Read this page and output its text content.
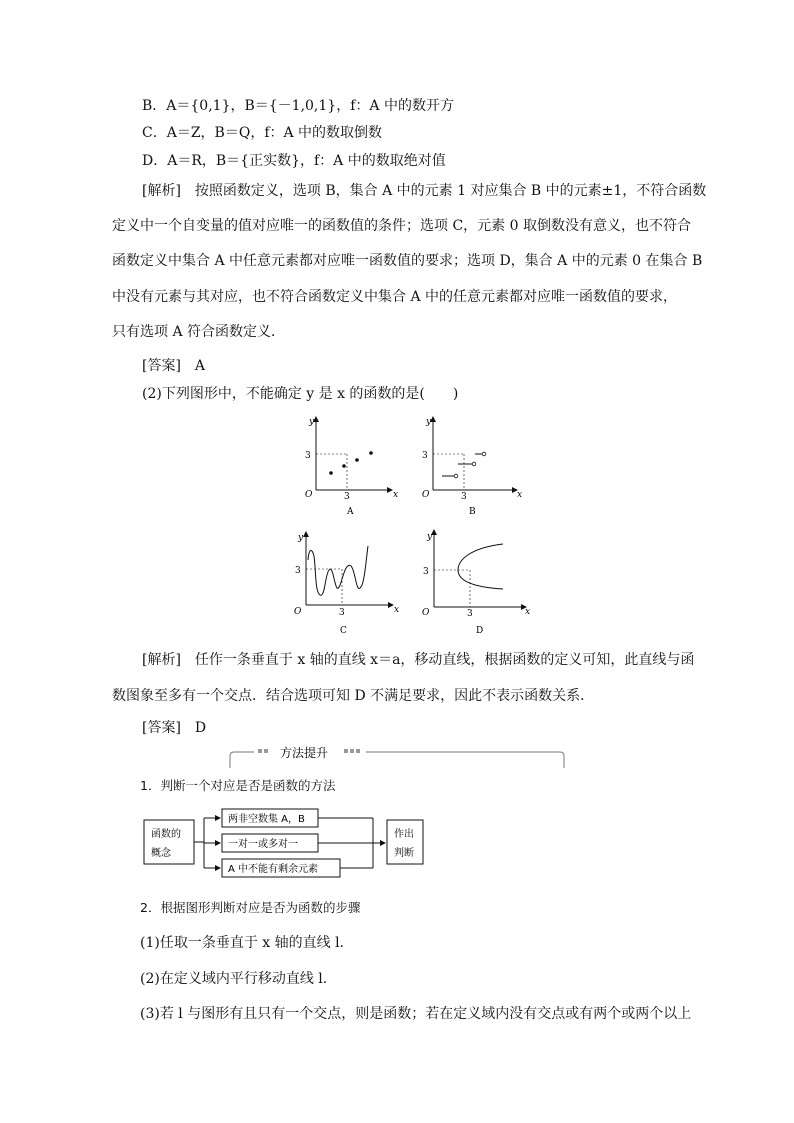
B．A＝{0,1}，B＝{－1,0,1}，f：A 中的数开方
C．A＝Z，B＝Q，f：A 中的数取倒数
D．A＝R，B＝{正实数}，f：A 中的数取绝对值
[解析]　按照函数定义，选项 B，集合 A 中的元素 1 对应集合 B 中的元素±1，不符合函数
定义中一个自变量的值对应唯一的函数值的条件；选项 C，元素 0 取倒数没有意义，也不符合
函数定义中集合 A 中任意元素都对应唯一函数值的要求；选项 D，集合 A 中的元素 0 在集合 B
中没有元素与其对应，也不符合函数定义中集合 A 中的任意元素都对应唯一函数值的要求，
只有选项 A 符合函数定义．
[答案]　A
(2)下列图形中，不能确定 y 是 x 的函数的是(　　)
y
x
O	3
3
A
y
x
O	3
3
B
y
x
O	3
3
C
y
x
O	3
3
D
[解析]　任作一条垂直于 x 轴的直线 x＝a，移动直线，根据函数的定义可知，此直线与函
数图象至多有一个交点．结合选项可知 D 不满足要求，因此不表示函数关系．
[答案]　D
方法提升
1．判断一个对应是否是函数的方法
函数的
概念
两非空数集 A，B
一对一或多对一
A 中不能有剩余元素
作出
判断
2．根据图形判断对应是否为函数的步骤
(1)任取一条垂直于 x 轴的直线 l.
(2)在定义域内平行移动直线 l.
(3)若 l 与图形有且只有一个交点，则是函数；若在定义域内没有交点或有两个或两个以上
